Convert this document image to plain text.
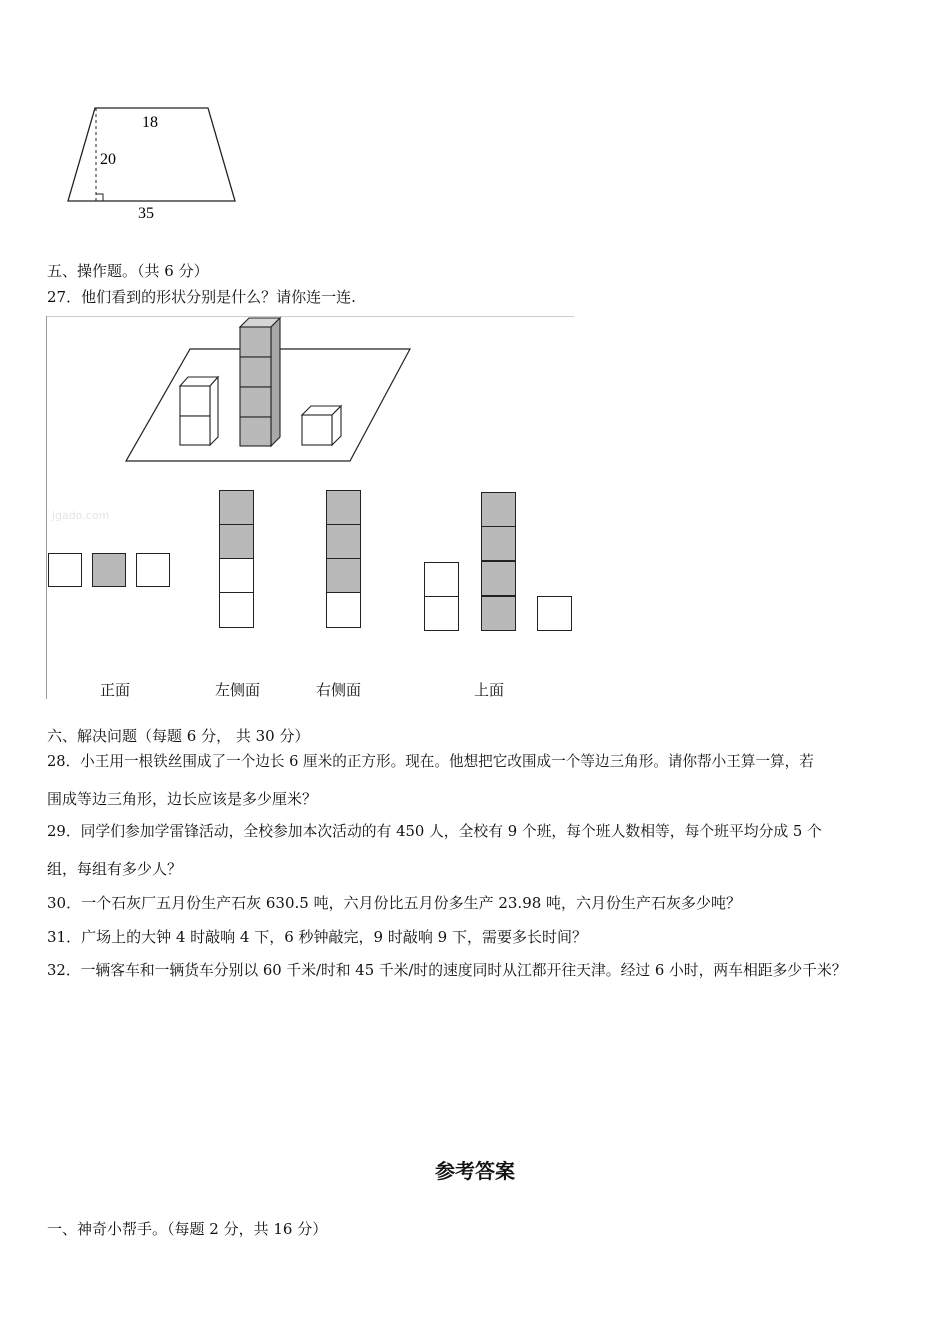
18
20
35
五、操作题。（共 6 分）
27．他们看到的形状分别是什么？请你连一连.
jgado.com
正面	左侧面	右侧面	上面
六、解决问题（每题 6 分， 共 30 分）
28．小王用一根铁丝围成了一个边长 6 厘米的正方形。现在。他想把它改围成一个等边三角形。请你帮小王算一算，若
围成等边三角形，边长应该是多少厘米？
29．同学们参加学雷锋活动，全校参加本次活动的有 450 人，全校有 9 个班，每个班人数相等，每个班平均分成 5 个
组，每组有多少人？
30．一个石灰厂五月份生产石灰 630.5 吨，六月份比五月份多生产 23.98 吨，六月份生产石灰多少吨？
31．广场上的大钟 4 时敲响 4 下，6 秒钟敲完，9 时敲响 9 下，需要多长时间？
32．一辆客车和一辆货车分别以 60 千米/时和 45 千米/时的速度同时从江都开往天津。经过 6 小时，两车相距多少千米？
参考答案
一、神奇小帮手。（每题 2 分，共 16 分）
